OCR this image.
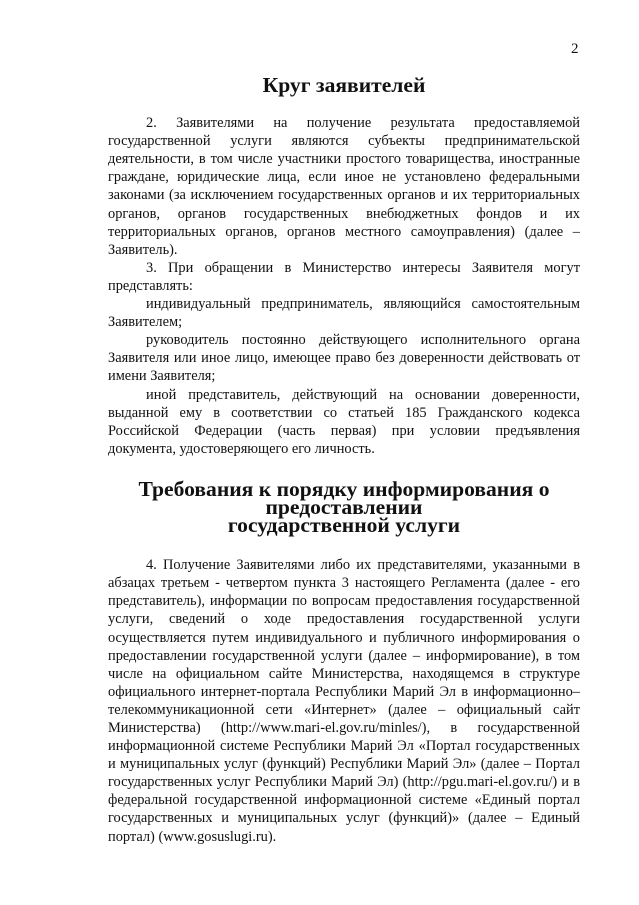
2
Круг заявителей

2. Заявителями на получение результата предоставляемой государственной услуги являются субъекты предпринимательской деятельности, в том числе участники простого товарищества, иностранные граждане, юридические лица, если иное не установлено федеральными законами (за исключением государственных органов и их территориальных органов, органов государственных внебюджетных фондов и их территориальных органов, органов местного самоуправления) (далее – Заявитель).

3. При обращении в Министерство интересы Заявителя могут представлять:

индивидуальный предприниматель, являющийся самостоятельным Заявителем;

руководитель постоянно действующего исполнительного органа Заявителя или иное лицо, имеющее право без доверенности действовать от имени Заявителя;

иной представитель, действующий на основании доверенности, выданной ему в соответствии со статьей 185 Гражданского кодекса Российской Федерации (часть первая) при условии предъявления документа, удостоверяющего его личность.

Требования к порядку информирования о предоставлении
государственной услуги

4. Получение Заявителями либо их представителями, указанными в абзацах третьем - четвертом пункта 3 настоящего Регламента (далее - его представитель), информации по вопросам предоставления государственной услуги, сведений о ходе предоставления государственной услуги осуществляется путем индивидуального и публичного информирования о предоставлении государственной услуги (далее – информирование), в том числе на официальном сайте Министерства, находящемся в структуре официального интернет-портала Республики Марий Эл в информационно–телекоммуникационной сети «Интернет» (далее – официальный сайт Министерства) (http://www.mari-el.gov.ru/minles/), в государственной информационной системе Республики Марий Эл «Портал государственных и муниципальных услуг (функций) Республики Марий Эл» (далее – Портал государственных услуг Республики Марий Эл) (http://pgu.mari-el.gov.ru/) и в федеральной государственной информационной системе «Единый портал государственных и муниципальных услуг (функций)» (далее – Единый портал) (www.gosuslugi.ru).
